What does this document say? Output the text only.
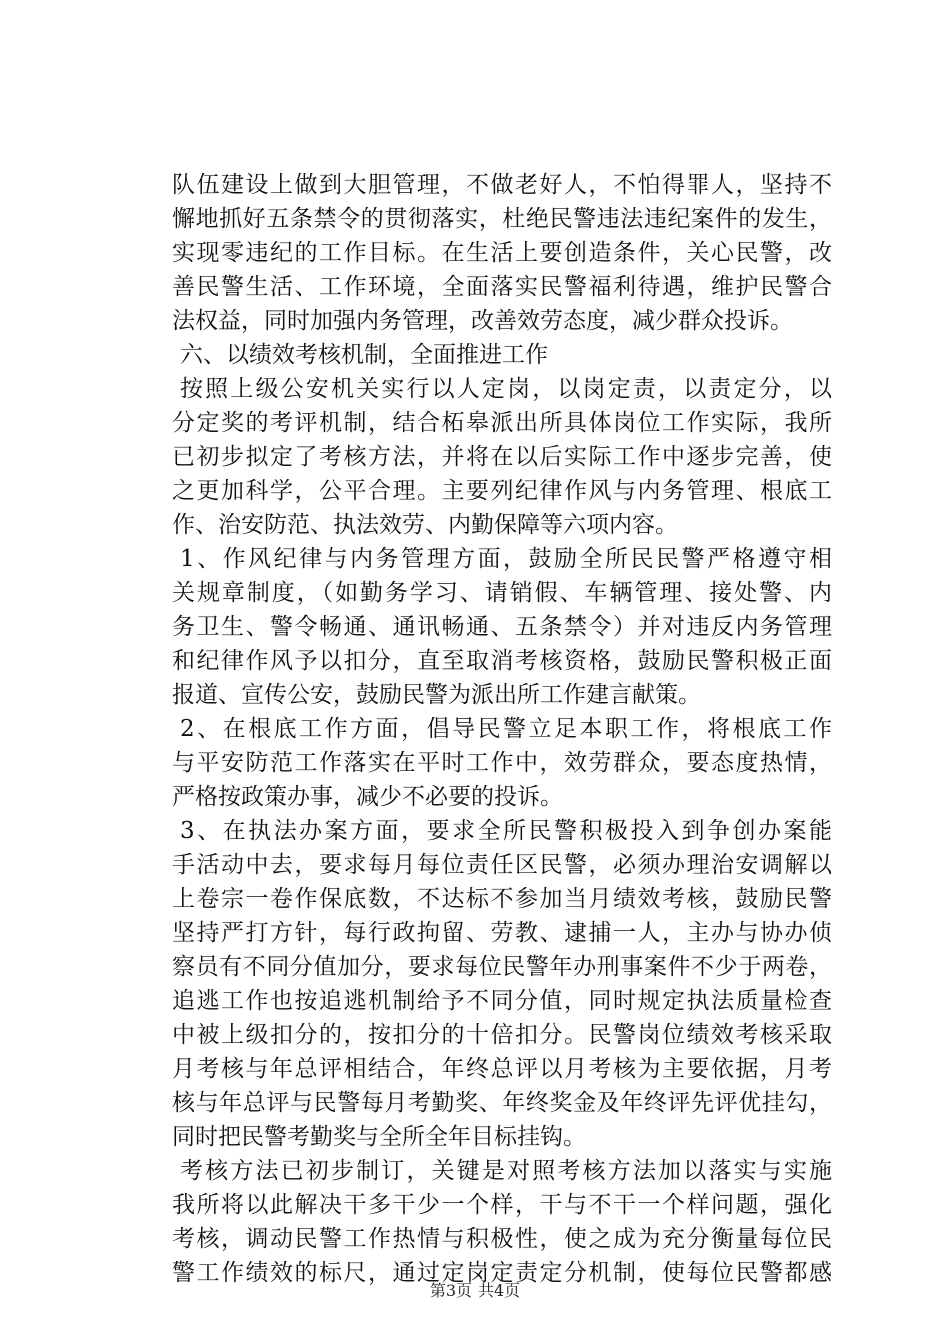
队伍建设上做到大胆管理，不做老好人，不怕得罪人，坚持不
懈地抓好五条禁令的贯彻落实，杜绝民警违法违纪案件的发生，
实现零违纪的工作目标。在生活上要创造条件，关心民警，改
善民警生活、工作环境，全面落实民警福利待遇，维护民警合
法权益，同时加强内务管理，改善效劳态度，减少群众投诉。
六、以绩效考核机制，全面推进工作
按照上级公安机关实行以人定岗，以岗定责，以责定分，以
分定奖的考评机制，结合柘皋派出所具体岗位工作实际，我所
已初步拟定了考核方法，并将在以后实际工作中逐步完善，使
之更加科学，公平合理。主要列纪律作风与内务管理、根底工
作、治安防范、执法效劳、内勤保障等六项内容。
1、作风纪律与内务管理方面，鼓励全所民民警严格遵守相
关规章制度，（如勤务学习、请销假、车辆管理、接处警、内
务卫生、警令畅通、通讯畅通、五条禁令）并对违反内务管理
和纪律作风予以扣分，直至取消考核资格，鼓励民警积极正面
报道、宣传公安，鼓励民警为派出所工作建言献策。
2、在根底工作方面，倡导民警立足本职工作，将根底工作
与平安防范工作落实在平时工作中，效劳群众，要态度热情，
严格按政策办事，减少不必要的投诉。
3、在执法办案方面，要求全所民警积极投入到争创办案能
手活动中去，要求每月每位责任区民警，必须办理治安调解以
上卷宗一卷作保底数，不达标不参加当月绩效考核，鼓励民警
坚持严打方针，每行政拘留、劳教、逮捕一人，主办与协办侦
察员有不同分值加分，要求每位民警年办刑事案件不少于两卷，
追逃工作也按追逃机制给予不同分值，同时规定执法质量检查
中被上级扣分的，按扣分的十倍扣分。民警岗位绩效考核采取
月考核与年总评相结合，年终总评以月考核为主要依据，月考
核与年总评与民警每月考勤奖、年终奖金及年终评先评优挂勾，
同时把民警考勤奖与全所全年目标挂钩。
考核方法已初步制订，关键是对照考核方法加以落实与实施
我所将以此解决干多干少一个样，干与不干一个样问题，强化
考核，调动民警工作热情与积极性，使之成为充分衡量每位民
警工作绩效的标尺，通过定岗定责定分机制，使每位民警都感
第3页 共4页
